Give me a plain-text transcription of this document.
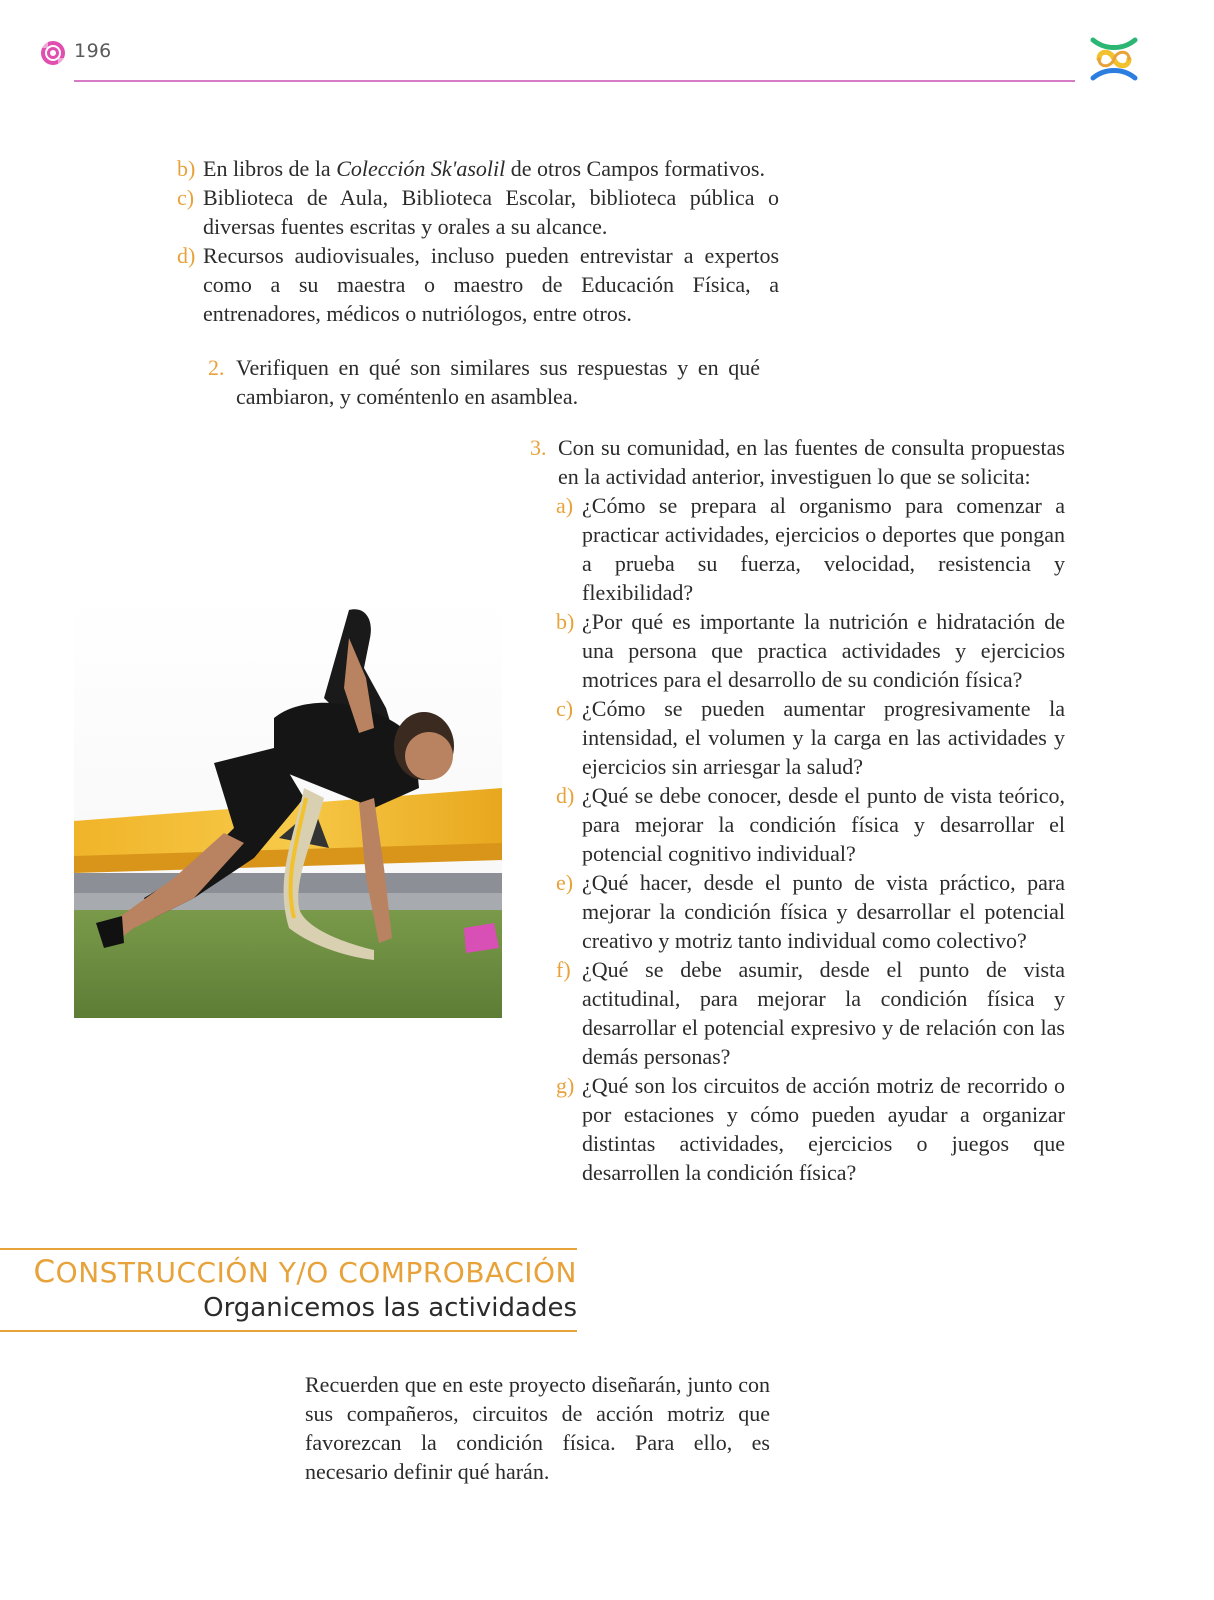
196
b) En libros de la Colección Sk'asolil de otros Campos formativos.
c) Biblioteca de Aula, Biblioteca Escolar, biblioteca pública o diversas fuentes escritas y orales a su alcance.
d) Recursos audiovisuales, incluso pueden entrevistar a expertos como a su maestra o maestro de Educación Física, a entrenadores, médicos o nutriólogos, entre otros.
2. Verifiquen en qué son similares sus respuestas y en qué cambiaron, y coméntenlo en asamblea.
3. Con su comunidad, en las fuentes de consulta propuestas en la actividad anterior, investiguen lo que se solicita:
a) ¿Cómo se prepara al organismo para comenzar a practicar actividades, ejercicios o deportes que pongan a prueba su fuerza, velocidad, resistencia y flexibilidad?
b) ¿Por qué es importante la nutrición e hidratación de una persona que practica actividades y ejercicios motrices para el desarrollo de su condición física?
c) ¿Cómo se pueden aumentar progresivamente la intensidad, el volumen y la carga en las actividades y ejercicios sin arriesgar la salud?
d) ¿Qué se debe conocer, desde el punto de vista teórico, para mejorar la condición física y desarrollar el potencial cognitivo individual?
e) ¿Qué hacer, desde el punto de vista práctico, para mejorar la condición física y desarrollar el potencial creativo y motriz tanto individual como colectivo?
f) ¿Qué se debe asumir, desde el punto de vista actitudinal, para mejorar la condición física y desarrollar el potencial expresivo y de relación con las demás personas?
g) ¿Qué son los circuitos de acción motriz de recorrido o por estaciones y cómo pueden ayudar a organizar distintas actividades, ejercicios o juegos que desarrollen la condición física?
CONSTRUCCIÓN Y/O COMPROBACIÓN
Organicemos las actividades
Recuerden que en este proyecto diseñarán, junto con sus compañeros, circuitos de acción motriz que favorezcan la condición física. Para ello, es necesario definir qué harán.
